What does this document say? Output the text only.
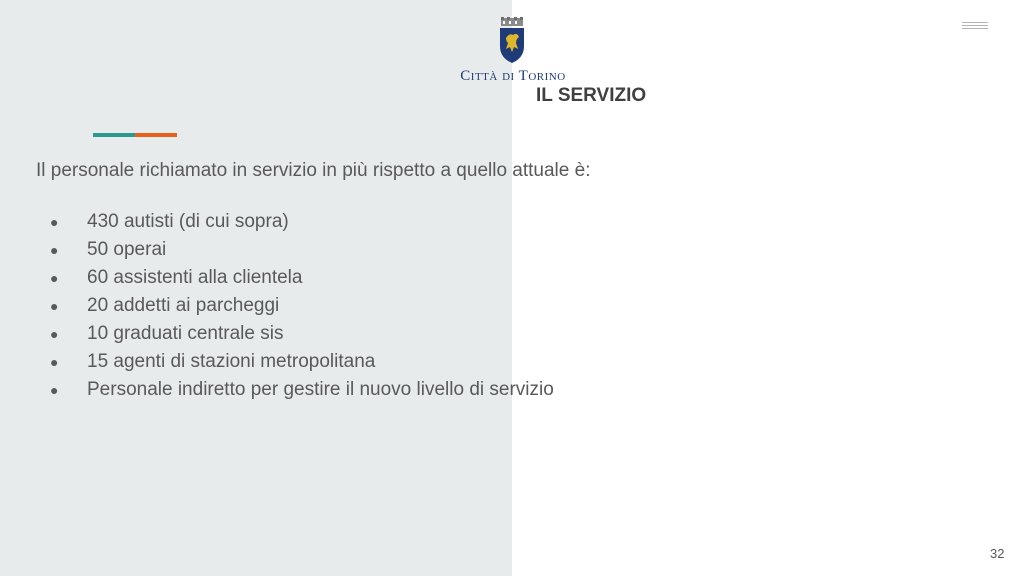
Città di Torino
IL SERVIZIO
Il personale richiamato in servizio in più rispetto a quello attuale è:
●	430 autisti (di cui sopra)
●	50 operai
●	60 assistenti alla clientela
●	20 addetti ai parcheggi
●	10 graduati centrale sis
●	15 agenti di stazioni metropolitana
●	Personale indiretto per gestire il nuovo livello di servizio
32
